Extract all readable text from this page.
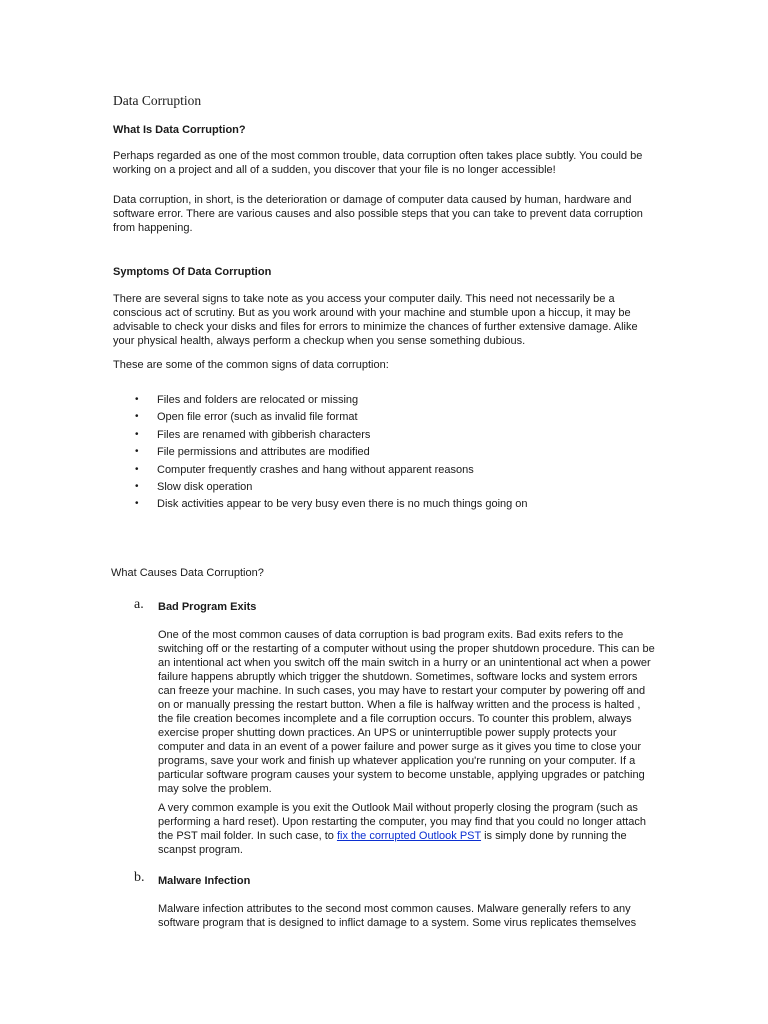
Data Corruption
What Is Data Corruption?

Perhaps regarded as one of the most common trouble, data corruption often takes place subtly. You could be working on a project and all of a sudden, you discover that your file is no longer accessible!

Data corruption, in short, is the deterioration or damage of computer data caused by human, hardware and software error. There are various causes and also possible steps that you can take to prevent data corruption from happening.

Symptoms Of Data Corruption

There are several signs to take note as you access your computer daily. This need not necessarily be a conscious act of scrutiny. But as you work around with your machine and stumble upon a hiccup, it may be advisable to check your disks and files for errors to minimize the chances of further extensive damage. Alike your physical health, always perform a checkup when you sense something dubious.

These are some of the common signs of data corruption:

• Files and folders are relocated or missing
• Open file error (such as invalid file format
• Files are renamed with gibberish characters
• File permissions and attributes are modified
• Computer frequently crashes and hang without apparent reasons
• Slow disk operation
• Disk activities appear to be very busy even there is no much things going on
What Causes Data Corruption?
a. Bad Program Exits

One of the most common causes of data corruption is bad program exits. Bad exits refers to the switching off or the restarting of a computer without using the proper shutdown procedure. This can be an intentional act when you switch off the main switch in a hurry or an unintentional act when a power failure happens abruptly which trigger the shutdown. Sometimes, software locks and system errors can freeze your machine. In such cases, you may have to restart your computer by powering off and on or manually pressing the restart button. When a file is halfway written and the process is halted , the file creation becomes incomplete and a file corruption occurs. To counter this problem, always exercise proper shutting down practices. An UPS or uninterruptible power supply protects your computer and data in an event of a power failure and power surge as it gives you time to close your programs, save your work and finish up whatever application you're running on your computer. If a particular software program causes your system to become unstable, applying upgrades or patching may solve the problem.

A very common example is you exit the Outlook Mail without properly closing the program (such as performing a hard reset). Upon restarting the computer, you may find that you could no longer attach the PST mail folder. In such case, to fix the corrupted Outlook PST is simply done by running the scanpst program.

b. Malware Infection

Malware infection attributes to the second most common causes. Malware generally refers to any software program that is designed to inflict damage to a system. Some virus replicates themselves
